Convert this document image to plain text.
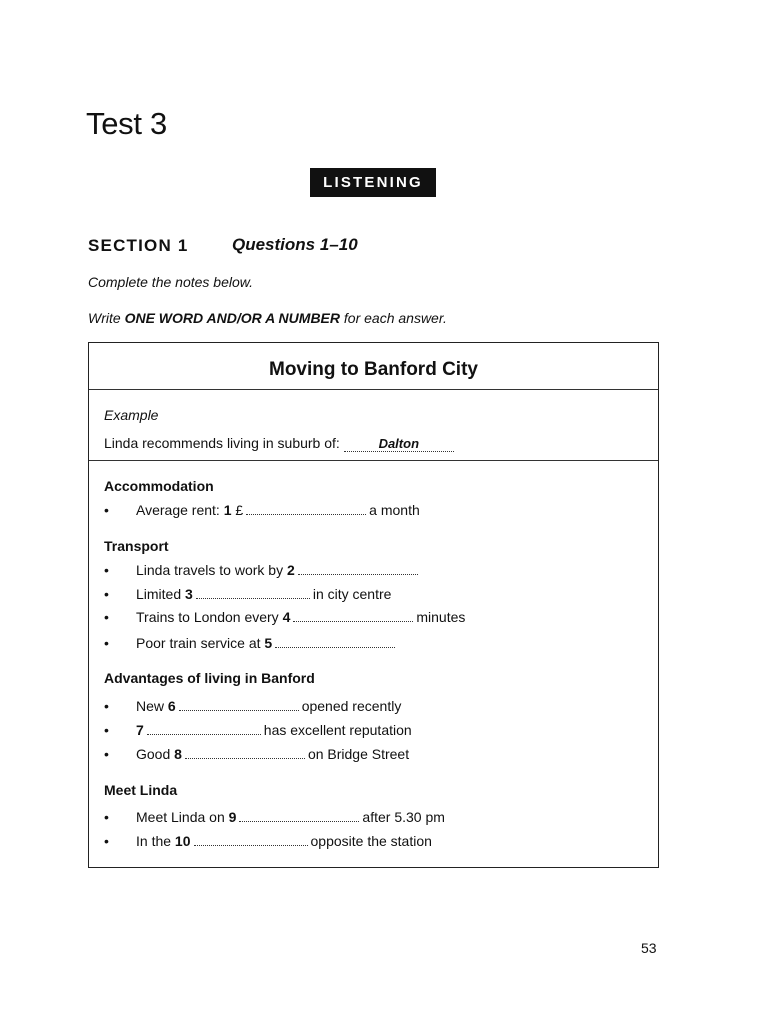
Test 3
LISTENING
SECTION 1	Questions 1–10
Complete the notes below.
Write ONE WORD AND/OR A NUMBER for each answer.
Moving to Banford City
Example
Linda recommends living in suburb of:	Dalton
Accommodation
• Average rent: 1 £	a month
Transport
• Linda travels to work by 2
• Limited 3	in city centre
• Trains to London every 4	minutes
• Poor train service at 5
Advantages of living in Banford
• New 6	opened recently
• 7	has excellent reputation
• Good 8	on Bridge Street
Meet Linda
• Meet Linda on 9	after 5.30 pm
• In the 10	opposite the station
53
